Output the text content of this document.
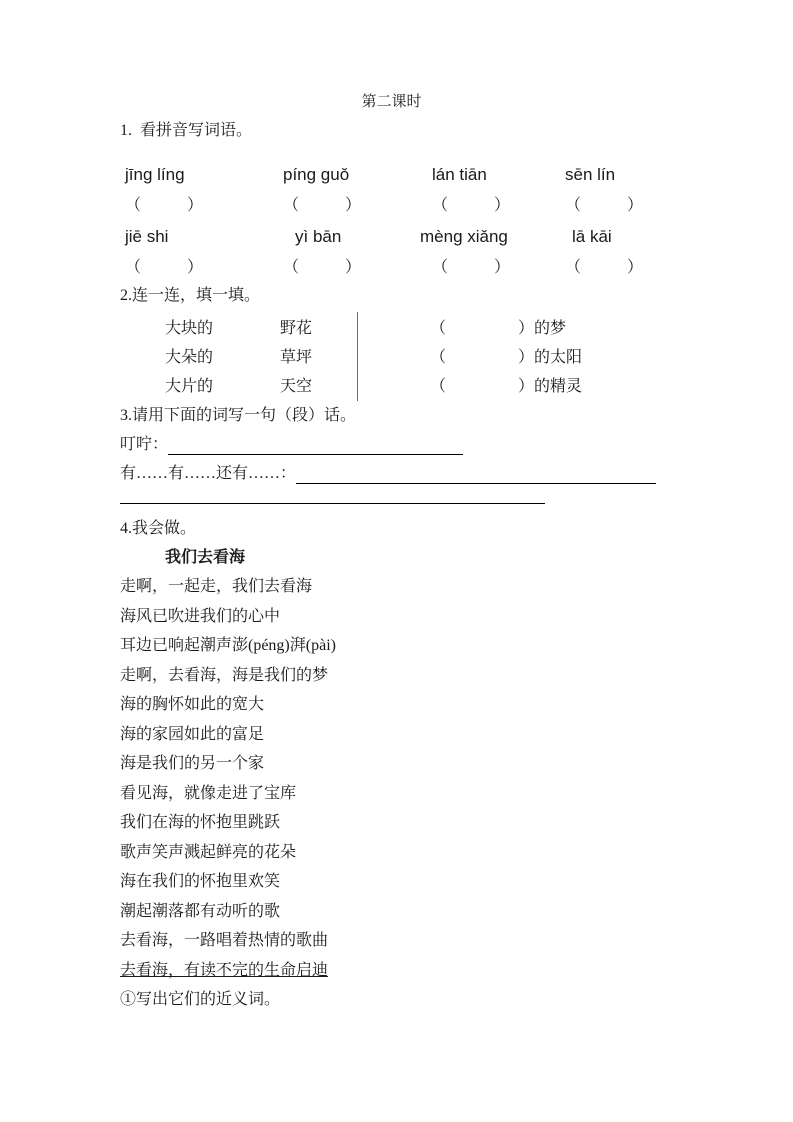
第二课时
1.  看拼音写词语。
jīng líng	píng guǒ	lán tiān	sēn lín
（	）	（	）	（	）	（	）
jiē shi	yì bān	mèng xiǎng	lā kāi
（	）	（	）	（	）	（	）
2.连一连，填一填。
大块的	野花	（	）的梦
大朵的	草坪	（	）的太阳
大片的	天空	（	）的精灵
3.请用下面的词写一句（段）话。
叮咛：
有……有……还有……：
4.我会做。
我们去看海
走啊，一起走，我们去看海
海风已吹进我们的心中
耳边已响起潮声澎(péng)湃(pài)
走啊，去看海，海是我们的梦
海的胸怀如此的宽大
海的家园如此的富足
海是我们的另一个家
看见海，就像走进了宝库
我们在海的怀抱里跳跃
歌声笑声溅起鲜亮的花朵
海在我们的怀抱里欢笑
潮起潮落都有动听的歌
去看海，一路唱着热情的歌曲
去看海，有读不完的生命启迪
①写出它们的近义词。
